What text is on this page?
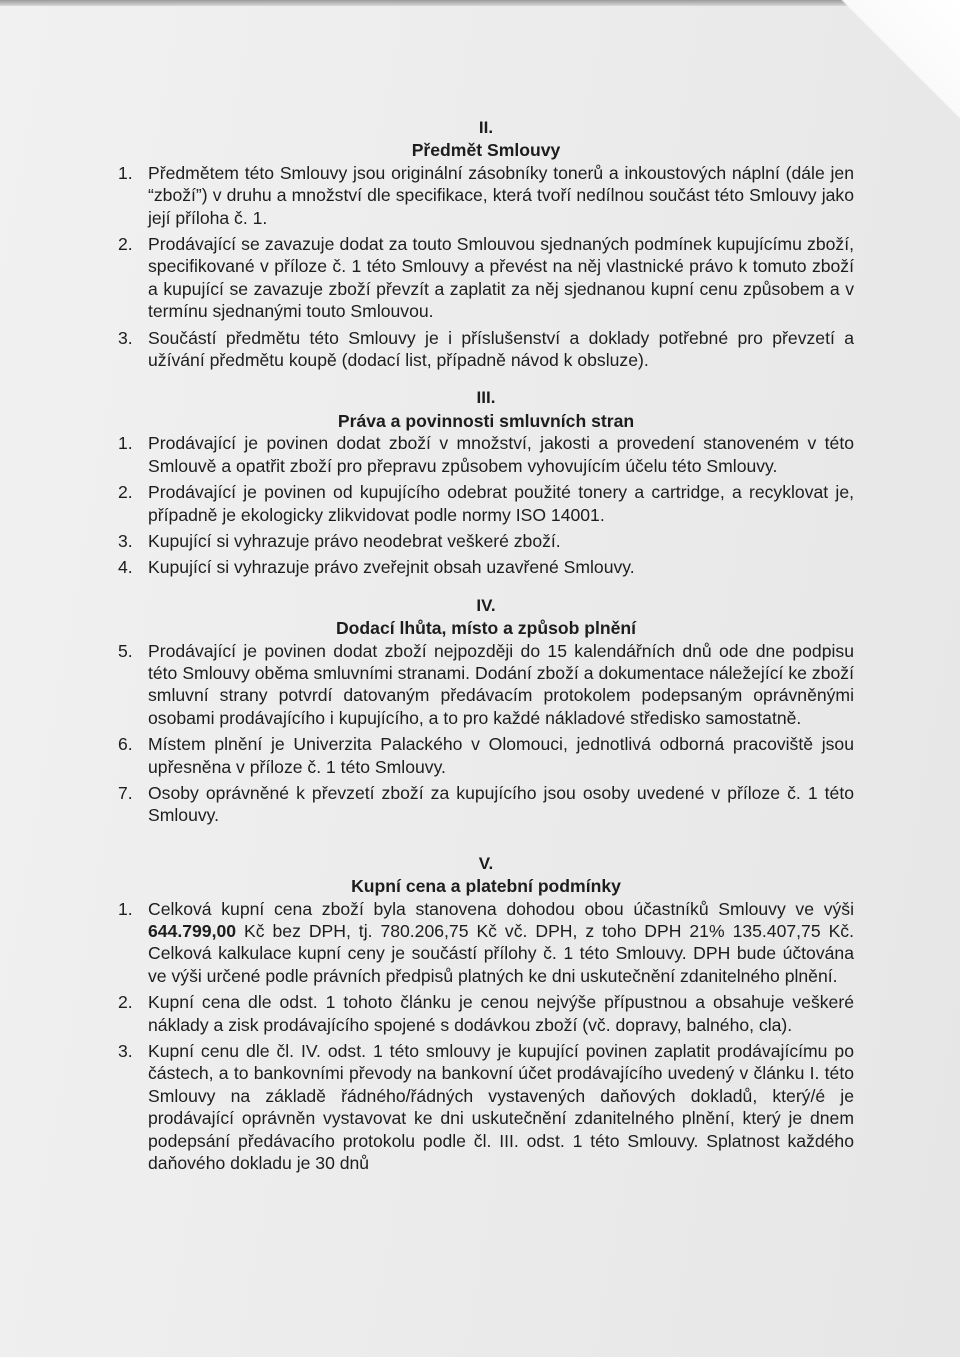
II.

Předmět Smlouvy

1. Předmětem této Smlouvy jsou originální zásobníky tonerů a inkoustových náplní (dále jen “zboží”) v druhu a množství dle specifikace, která tvoří nedílnou součást této Smlouvy jako její příloha č. 1.
2. Prodávající se zavazuje dodat za touto Smlouvou sjednaných podmínek kupujícímu zboží, specifikované v příloze č. 1 této Smlouvy a převést na něj vlastnické právo k tomuto zboží a kupující se zavazuje zboží převzít a zaplatit za něj sjednanou kupní cenu způsobem a v termínu sjednanými touto Smlouvou.
3. Součástí předmětu této Smlouvy je i příslušenství a doklady potřebné pro převzetí a užívání předmětu koupě (dodací list, případně návod k obsluze).

III.

Práva a povinnosti smluvních stran

1. Prodávající je povinen dodat zboží v množství, jakosti a provedení stanoveném v této Smlouvě a opatřit zboží pro přepravu způsobem vyhovujícím účelu této Smlouvy.
2. Prodávající je povinen od kupujícího odebrat použité tonery a cartridge, a recyklovat je, případně je ekologicky zlikvidovat podle normy ISO 14001.
3. Kupující si vyhrazuje právo neodebrat veškeré zboží.
4. Kupující si vyhrazuje právo zveřejnit obsah uzavřené Smlouvy.

IV.

Dodací lhůta, místo a způsob plnění

5. Prodávající je povinen dodat zboží nejpozději do 15 kalendářních dnů ode dne podpisu této Smlouvy oběma smluvními stranami. Dodání zboží a dokumentace náležející ke zboží smluvní strany potvrdí datovaným předávacím protokolem podepsaným oprávněnými osobami prodávajícího i kupujícího, a to pro každé nákladové středisko samostatně.
6. Místem plnění je Univerzita Palackého v Olomouci, jednotlivá odborná pracoviště jsou upřesněna v příloze č. 1 této Smlouvy.
7. Osoby oprávněné k převzetí zboží za kupujícího jsou osoby uvedené v příloze č. 1 této Smlouvy.

V.

Kupní cena a platební podmínky

1. Celková kupní cena zboží byla stanovena dohodou obou účastníků Smlouvy ve výši 644.799,00 Kč bez DPH, tj. 780.206,75 Kč vč. DPH, z toho DPH 21% 135.407,75 Kč. Celková kalkulace kupní ceny je součástí přílohy č. 1 této Smlouvy. DPH bude účtována ve výši určené podle právních předpisů platných ke dni uskutečnění zdanitelného plnění.
2. Kupní cena dle odst. 1 tohoto článku je cenou nejvýše přípustnou a obsahuje veškeré náklady a zisk prodávajícího spojené s dodávkou zboží (vč. dopravy, balného, cla).
3. Kupní cenu dle čl. IV. odst. 1 této smlouvy je kupující povinen zaplatit prodávajícímu po částech, a to bankovními převody na bankovní účet prodávajícího uvedený v článku I. této Smlouvy na základě řádného/řádných vystavených daňových dokladů, který/é je prodávající oprávněn vystavovat ke dni uskutečnění zdanitelného plnění, který je dnem podepsání předávacího protokolu podle čl. III. odst. 1 této Smlouvy. Splatnost každého daňového dokladu je 30 dnů
